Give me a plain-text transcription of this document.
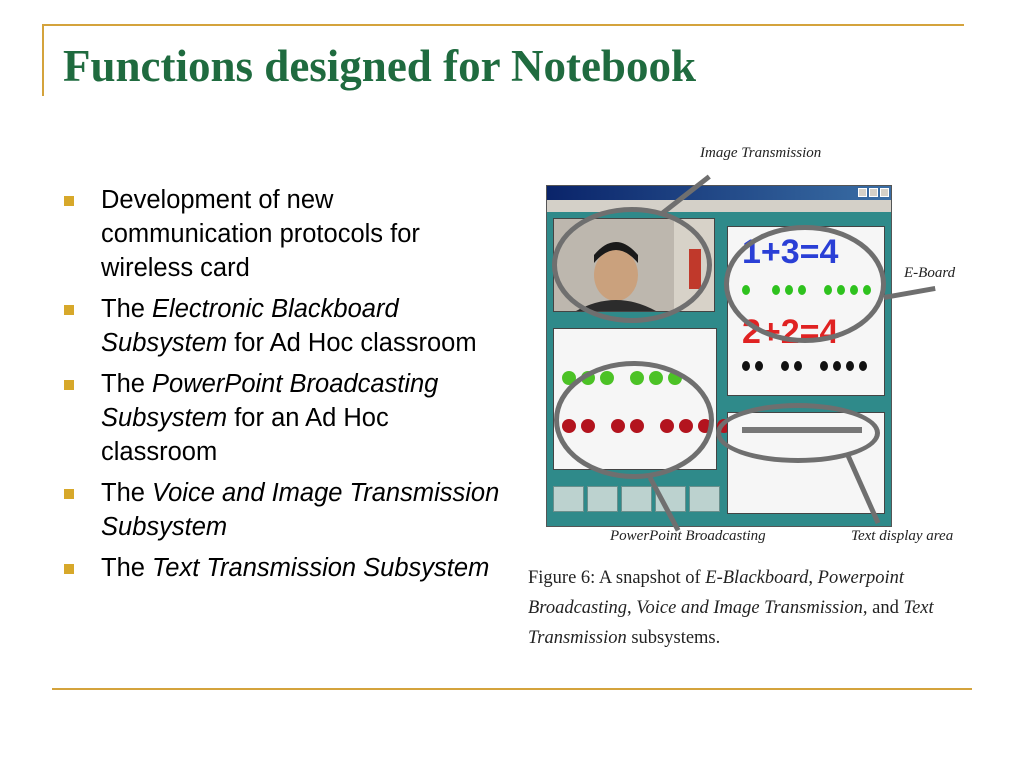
Functions designed for Notebook
Development of new communication protocols for wireless card
The Electronic Blackboard Subsystem for Ad Hoc classroom
The PowerPoint Broadcasting Subsystem for an Ad Hoc classroom
The Voice and Image Transmission Subsystem
The Text Transmission Subsystem
Image Transmission
E-Board
PowerPoint Broadcasting	Text display area
1+3=4
2+2=4
Figure 6: A snapshot of E-Blackboard, Powerpoint Broadcasting, Voice and Image Transmission, and Text Transmission subsystems.
